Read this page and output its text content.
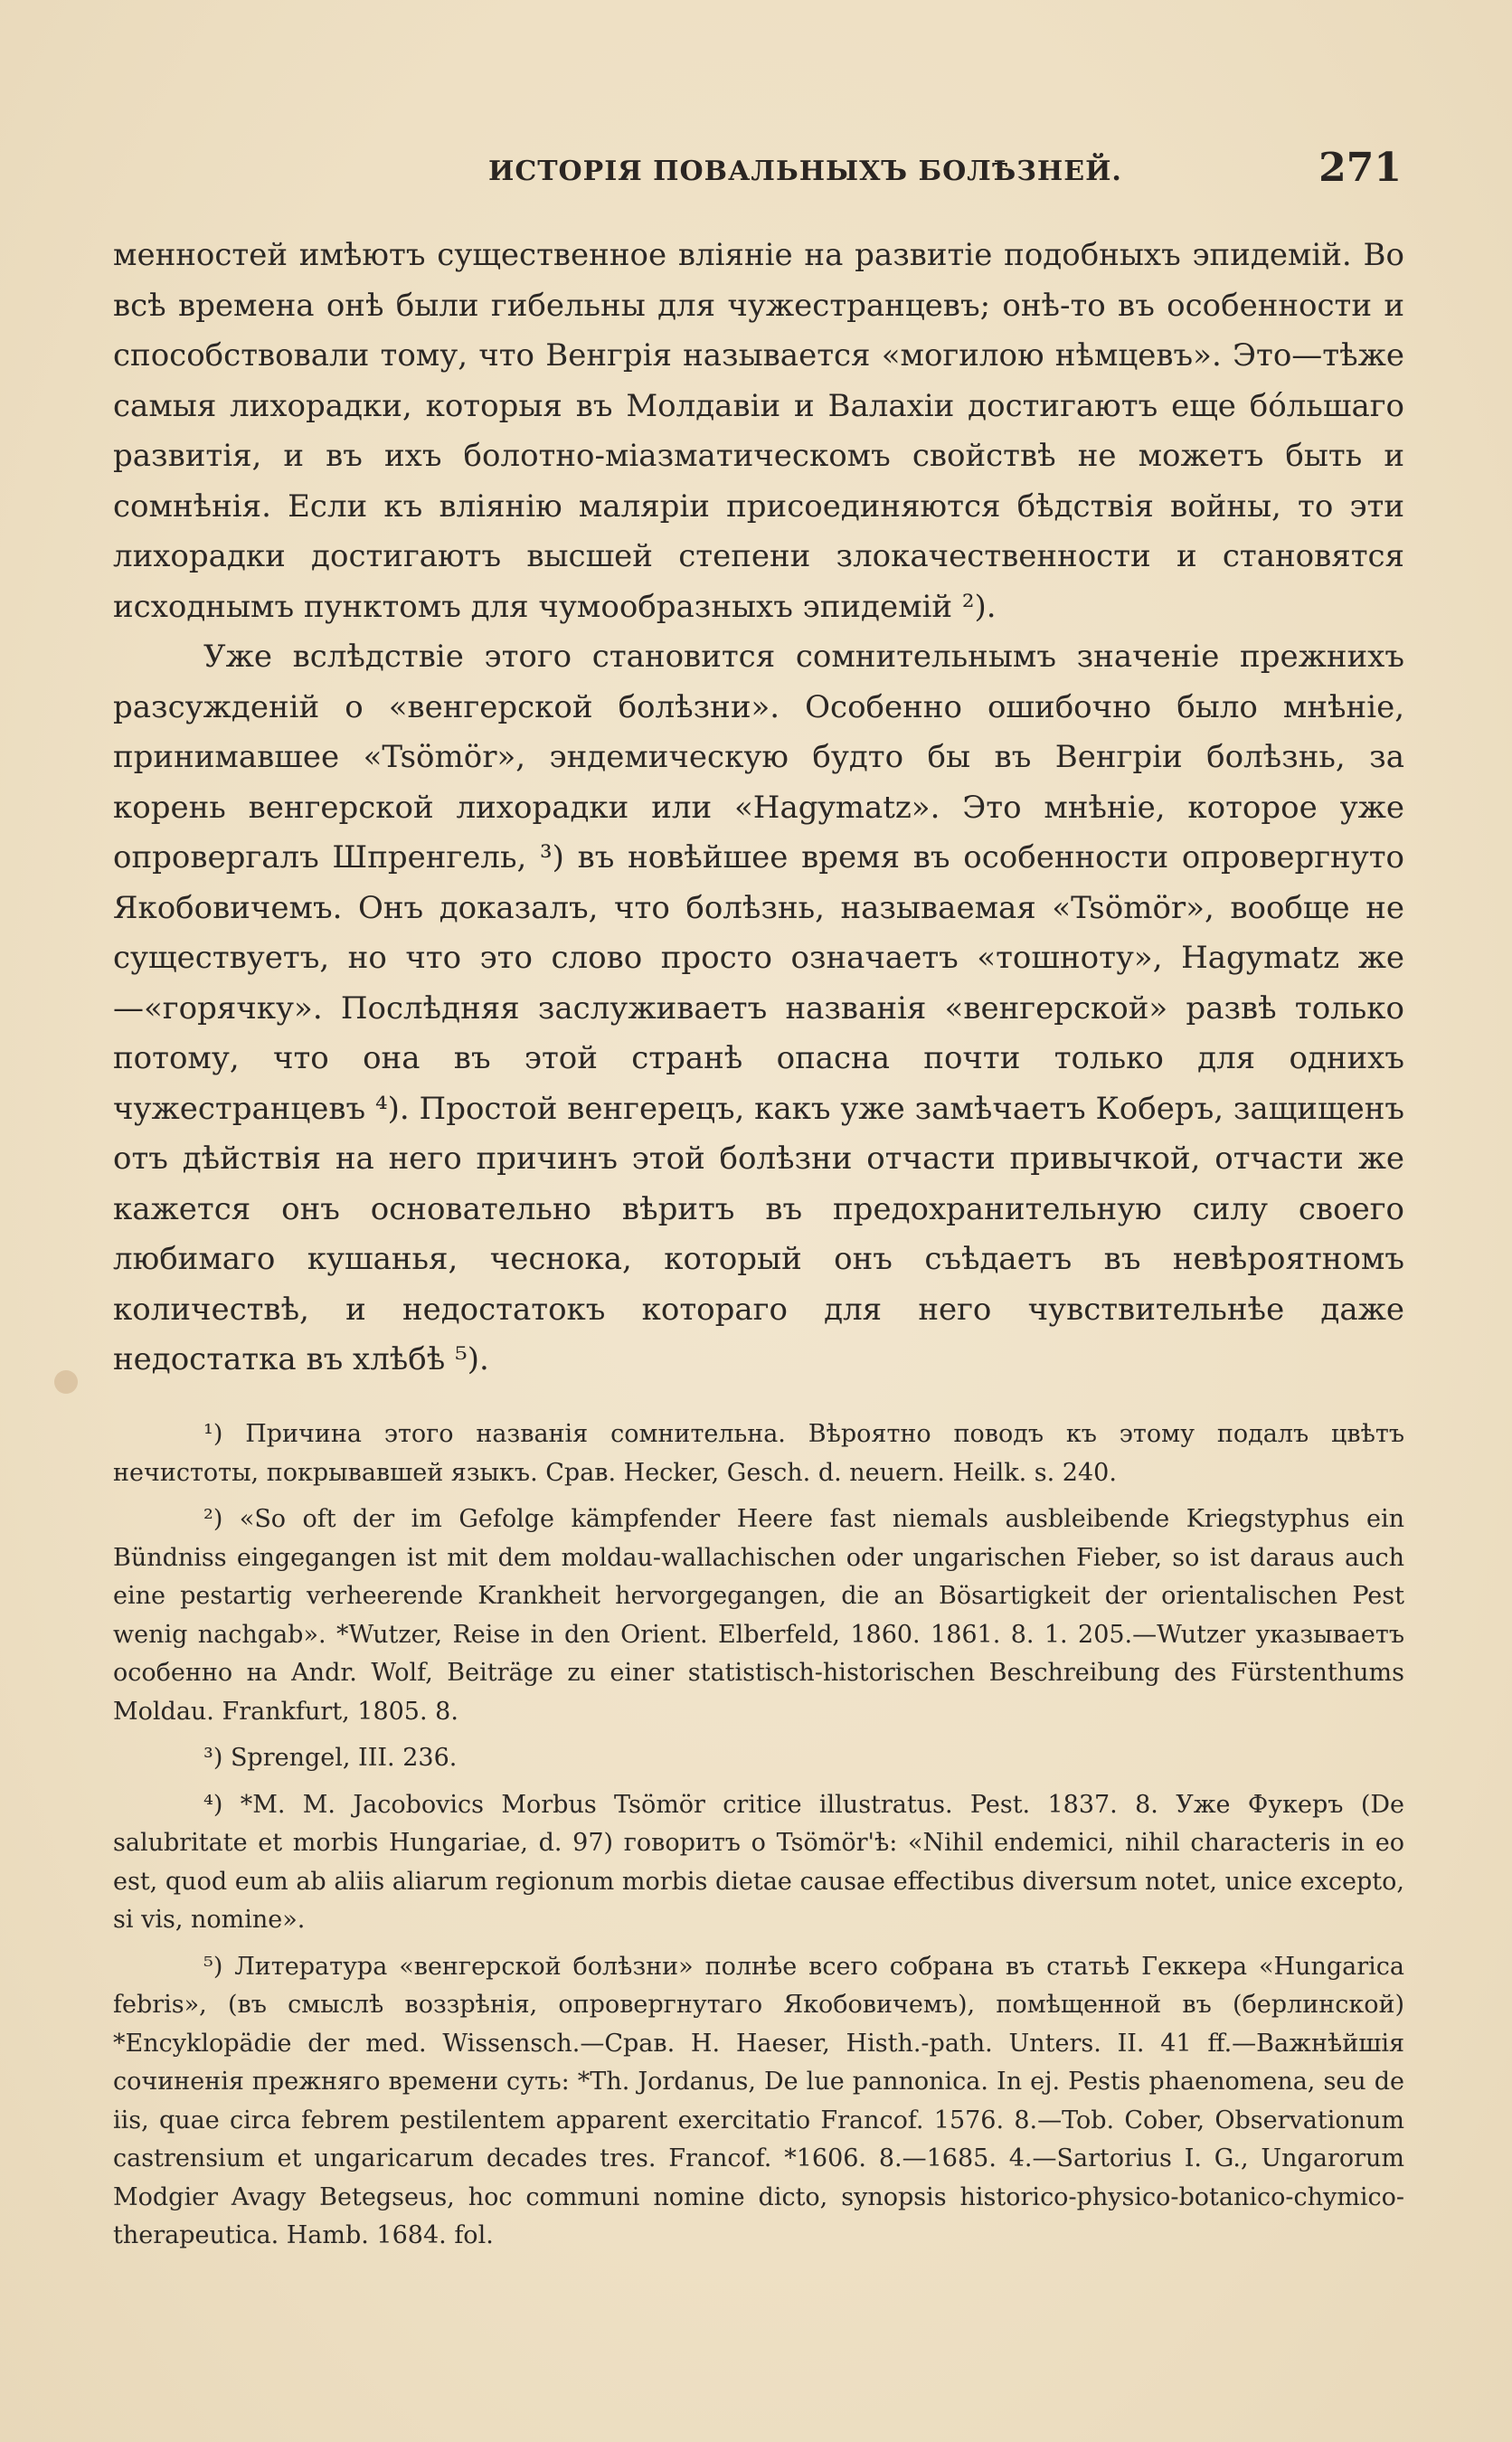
ИСТОРІЯ ПОВАЛЬНЫХЪ БОЛѢЗНЕЙ.	271

менностей имѣютъ существенное вліяніе на развитіе подобныхъ эпидемій. Во всѣ времена онѣ были гибельны для чужестранцевъ; онѣ-то въ особенности и способствовали тому, что Венгрія называется «могилою нѣмцевъ». Это—тѣже самыя лихорадки, которыя въ Молдавіи и Валахіи достигаютъ еще бóльшаго развитія, и въ ихъ болотно-міазматическомъ свойствѣ не можетъ быть и сомнѣнія. Если къ вліянію маляріи присоединяются бѣдствія войны, то эти лихорадки достигаютъ высшей степени злокачественности и становятся исходнымъ пунктомъ для чумообразныхъ эпидемій ²).

Уже вслѣдствіе этого становится сомнительнымъ значеніе прежнихъ разсужденій о «венгерской болѣзни». Особенно ошибочно было мнѣніе, принимавшее «Tsömör», эндемическую будто бы въ Венгріи болѣзнь, за корень венгерской лихорадки или «Hagymatz». Это мнѣніе, которое уже опровергалъ Шпренгель, ³) въ новѣйшее время въ особенности опровергнуто Якобовичемъ. Онъ доказалъ, что болѣзнь, называемая «Tsömör», вообще не существуетъ, но что это слово просто означаетъ «тошноту», Hagymatz же—«горячку». Послѣдняя заслуживаетъ названія «венгерской» развѣ только потому, что она въ этой странѣ опасна почти только для однихъ чужестранцевъ ⁴). Простой венгерецъ, какъ уже замѣчаетъ Коберъ, защищенъ отъ дѣйствія на него причинъ этой болѣзни отчасти привычкой, отчасти же кажется онъ основательно вѣритъ въ предохранительную силу своего любимаго кушанья, чеснока, который онъ съѣдаетъ въ невѣроятномъ количествѣ, и недостатокъ котораго для него чувствительнѣе даже недостатка въ хлѣбѣ ⁵).

¹) Причина этого названія сомнительна. Вѣроятно поводъ къ этому подалъ цвѣтъ нечистоты, покрывавшей языкъ. Срав. Hecker, Gesch. d. neuern. Heilk. s. 240.

²) «So oft der im Gefolge kämpfender Heere fast niemals ausbleibende Kriegstyphus ein Bündniss eingegangen ist mit dem moldau-wallachischen oder ungarischen Fieber, so ist daraus auch eine pestartig verheerende Krankheit hervorgegangen, die an Bösartigkeit der orientalischen Pest wenig nachgab». *Wutzer, Reise in den Orient. Elberfeld, 1860. 1861. 8. 1. 205.—Wutzer указываетъ особенно на Andr. Wolf, Beiträge zu einer statistisch-historischen Beschreibung des Fürstenthums Moldau. Frankfurt, 1805. 8.

³) Sprengel, III. 236.

⁴) *M. M. Jacobovics Morbus Tsömör critice illustratus. Pest. 1837. 8. Уже Фукеръ (De salubritate et morbis Hungariae, d. 97) говоритъ о Tsömör'ѣ: «Nihil endemici, nihil characteris in eo est, quod eum ab aliis aliarum regionum morbis dietae causae effectibus diversum notet, unice excepto, si vis, nomine».

⁵) Литература «венгерской болѣзни» полнѣе всего собрана въ статьѣ Геккера «Hungarica febris», (въ смыслѣ воззрѣнія, опровергнутаго Якобовичемъ), помѣщенной въ (берлинской) *Encyklopädie der med. Wissensch.—Срав. H. Haeser, Histh.-path. Unters. II. 41 ff.—Важнѣйшія сочиненія прежняго времени суть: *Th. Jordanus, De lue pannonica. In ej. Pestis phaenomena, seu de iis, quae circa febrem pestilentem apparent exercitatio Francof. 1576. 8.—Tob. Cober, Observationum castrensium et ungaricarum decades tres. Francof. *1606. 8.—1685. 4.—Sartorius I. G., Ungarorum Modgier Avagy Betegseus, hoc communi nomine dicto, synopsis historico-physico-botanico-chymico-therapeutica. Hamb. 1684. fol.
